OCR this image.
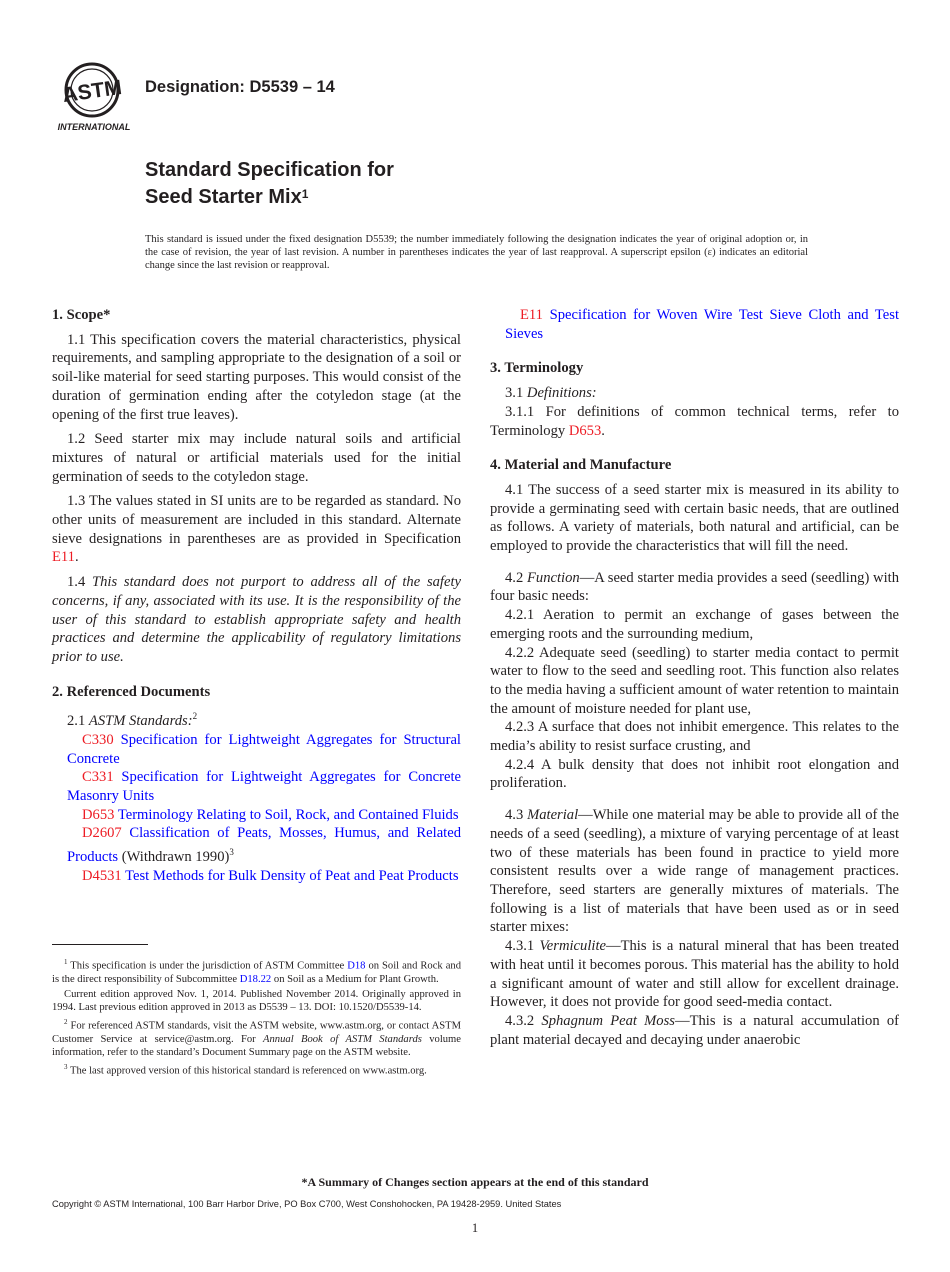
ASTM
INTERNATIONAL
Designation: D5539 – 14
Standard Specification for
Seed Starter Mix$^1$
This standard is issued under the fixed designation D5539; the number immediately following the designation indicates the year of original adoption or, in the case of revision, the year of last revision. A number in parentheses indicates the year of last reapproval. A superscript epsilon (ε) indicates an editorial change since the last revision or reapproval.
1. Scope*

1.1 This specification covers the material characteristics, physical requirements, and sampling appropriate to the designation of a soil or soil-like material for seed starting purposes. This would consist of the duration of germination ending after the cotyledon stage (at the opening of the first true leaves).

1.2 Seed starter mix may include natural soils and artificial mixtures of natural or artificial materials used for the initial germination of seeds to the cotyledon stage.

1.3 The values stated in SI units are to be regarded as standard. No other units of measurement are included in this standard. Alternate sieve designations in parentheses are as provided in Specification E11.

1.4 This standard does not purport to address all of the safety concerns, if any, associated with its use. It is the responsibility of the user of this standard to establish appropriate safety and health practices and determine the applicability of regulatory limitations prior to use.

2. Referenced Documents

2.1 ASTM Standards:$^2$

C330 Specification for Lightweight Aggregates for Structural Concrete

C331 Specification for Lightweight Aggregates for Concrete Masonry Units

D653 Terminology Relating to Soil, Rock, and Contained Fluids

D2607 Classification of Peats, Mosses, Humus, and Related Products (Withdrawn 1990)$^3$

D4531 Test Methods for Bulk Density of Peat and Peat Products

$^1$ This specification is under the jurisdiction of ASTM Committee D18 on Soil and Rock and is the direct responsibility of Subcommittee D18.22 on Soil as a Medium for Plant Growth.

Current edition approved Nov. 1, 2014. Published November 2014. Originally approved in 1994. Last previous edition approved in 2013 as D5539 – 13. DOI: 10.1520/D5539-14.

$^2$ For referenced ASTM standards, visit the ASTM website, www.astm.org, or contact ASTM Customer Service at service@astm.org. For Annual Book of ASTM Standards volume information, refer to the standard’s Document Summary page on the ASTM website.

$^3$ The last approved version of this historical standard is referenced on www.astm.org.

E11 Specification for Woven Wire Test Sieve Cloth and Test Sieves

3. Terminology

3.1 Definitions:

3.1.1 For definitions of common technical terms, refer to Terminology D653.

4. Material and Manufacture

4.1 The success of a seed starter mix is measured in its ability to provide a germinating seed with certain basic needs, that are outlined as follows. A variety of materials, both natural and artificial, can be employed to provide the characteristics that will fill the need.

4.2 Function—A seed starter media provides a seed (seedling) with four basic needs:

4.2.1 Aeration to permit an exchange of gases between the emerging roots and the surrounding medium,

4.2.2 Adequate seed (seedling) to starter media contact to permit water to flow to the seed and seedling root. This function also relates to the media having a sufficient amount of water retention to maintain the amount of moisture needed for plant use,

4.2.3 A surface that does not inhibit emergence. This relates to the media’s ability to resist surface crusting, and

4.2.4 A bulk density that does not inhibit root elongation and proliferation.

4.3 Material—While one material may be able to provide all of the needs of a seed (seedling), a mixture of varying percentage of at least two of these materials has been found in practice to yield more consistent results over a wide range of management practices. Therefore, seed starters are generally mixtures of materials. The following is a list of materials that have been used as or in seed starter mixes:

4.3.1 Vermiculite—This is a natural mineral that has been treated with heat until it becomes porous. This material has the ability to hold a significant amount of water and still allow for excellent drainage. However, it does not provide for good seed-media contact.

4.3.2 Sphagnum Peat Moss—This is a natural accumulation of plant material decayed and decaying under anaerobic

*A Summary of Changes section appears at the end of this standard
Copyright © ASTM International, 100 Barr Harbor Drive, PO Box C700, West Conshohocken, PA 19428-2959. United States
1
